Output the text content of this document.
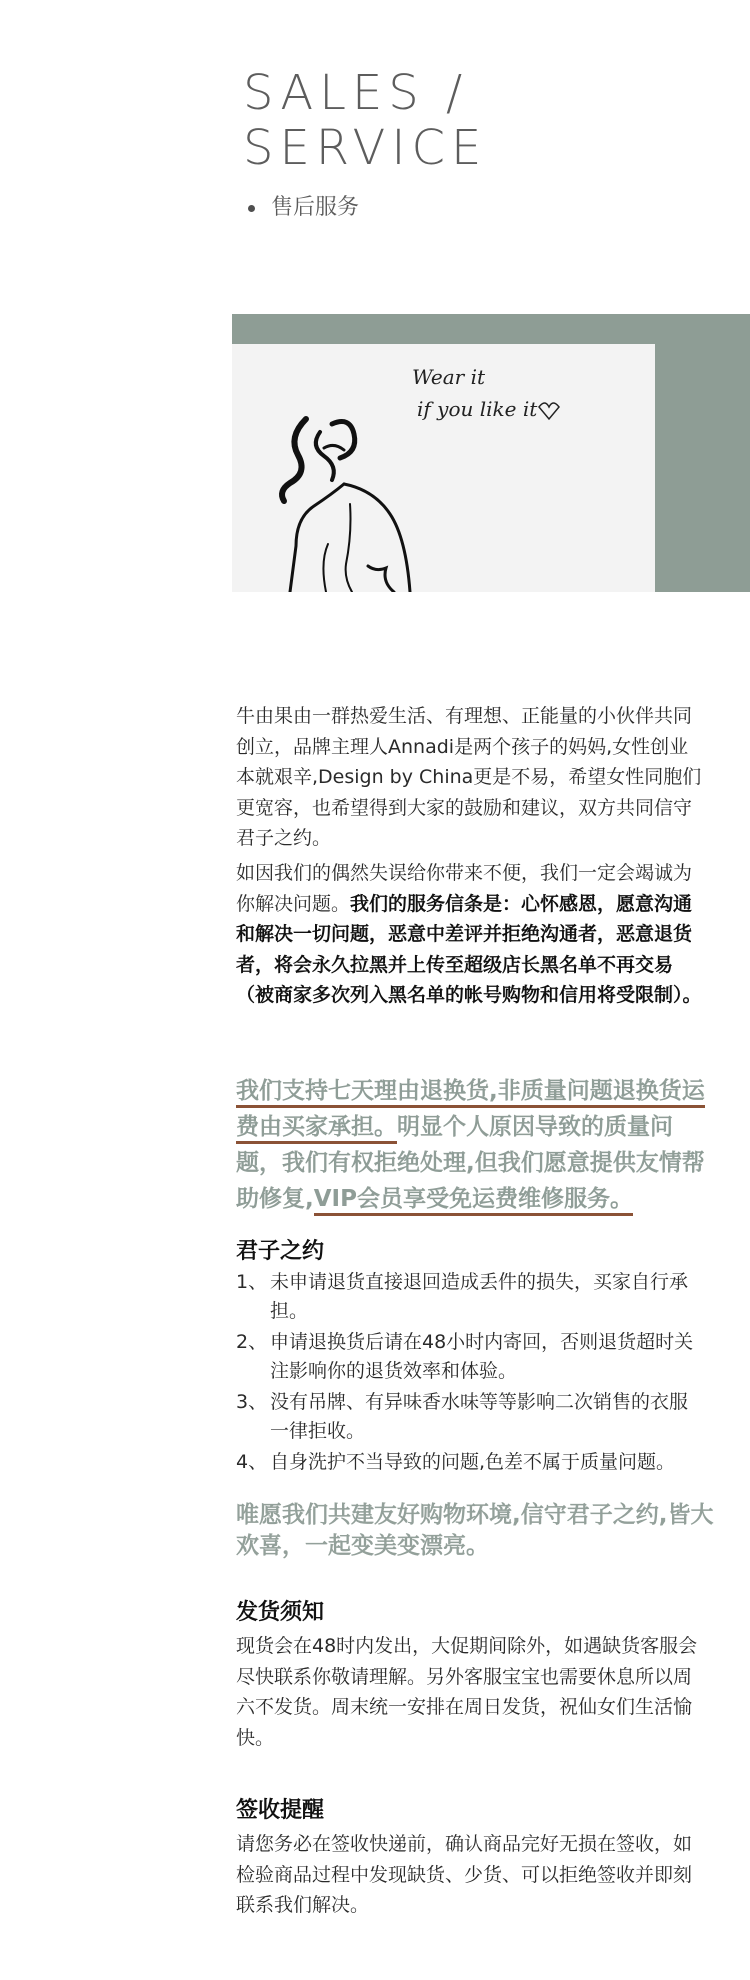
SALES /
SERVICE
售后服务
Wear it
if you like it
牛由果由一群热爱生活、有理想、正能量的小伙伴共同创立，品牌主理人Annadi是两个孩子的妈妈,女性创业本就艰辛,Design by China更是不易，希望女性同胞们更宽容，也希望得到大家的鼓励和建议，双方共同信守君子之约。
如因我们的偶然失误给你带来不便，我们一定会竭诚为你解决问题。我们的服务信条是：心怀感恩，愿意沟通和解决一切问题，恶意中差评并拒绝沟通者，恶意退货者，将会永久拉黑并上传至超级店长黑名单不再交易（被商家多次列入黑名单的帐号购物和信用将受限制）。
我们支持七天理由退换货,非质量问题退换货运费由买家承担。明显个人原因导致的质量问题，我们有权拒绝处理,但我们愿意提供友情帮助修复,VIP会员享受免运费维修服务。
君子之约
1、 未申请退货直接退回造成丢件的损失，买家自行承担。
2、 申请退换货后请在48小时内寄回，否则退货超时关注影响你的退货效率和体验。
3、 没有吊牌、有异味香水味等等影响二次销售的衣服一律拒收。
4、 自身洗护不当导致的问题,色差不属于质量问题。
唯愿我们共建友好购物环境,信守君子之约,皆大欢喜，一起变美变漂亮。
发货须知
现货会在48时内发出，大促期间除外，如遇缺货客服会尽快联系你敬请理解。另外客服宝宝也需要休息所以周六不发货。周末统一安排在周日发货，祝仙女们生活愉快。
签收提醒
请您务必在签收快递前，确认商品完好无损在签收，如检验商品过程中发现缺货、少货、可以拒绝签收并即刻联系我们解决。
